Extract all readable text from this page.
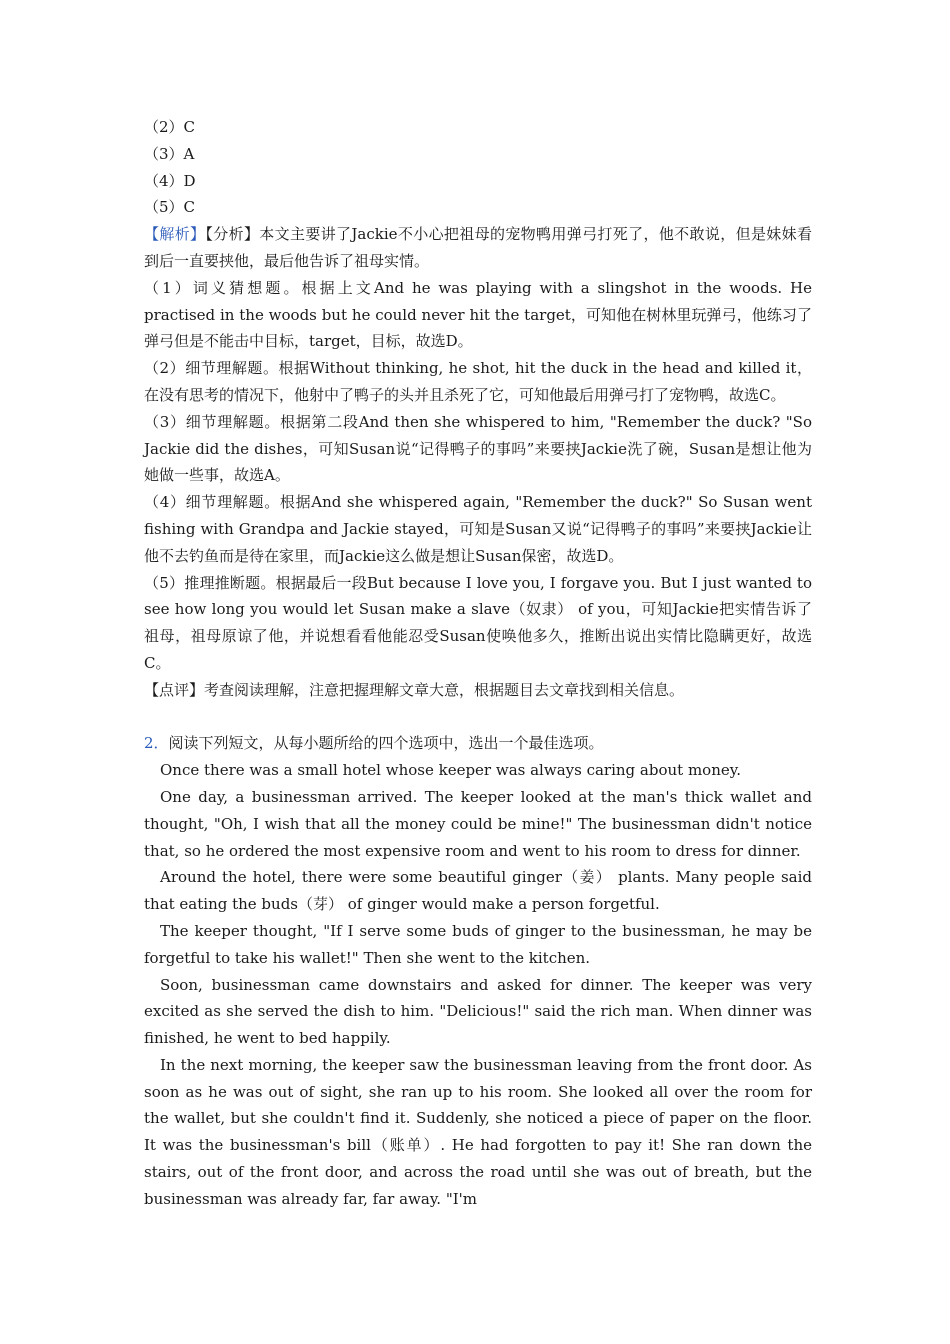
（2）C

（3）A

（4）D

（5）C

【解析】【分析】本文主要讲了Jackie不小心把祖母的宠物鸭用弹弓打死了，他不敢说，但是妹妹看到后一直要挟他，最后他告诉了祖母实情。

（1）词义猜想题。根据上文And he was playing with a slingshot in the woods. He practised in the woods but he could never hit the target，可知他在树林里玩弹弓，他练习了弹弓但是不能击中目标，target，目标，故选D。

（2）细节理解题。根据Without thinking, he shot, hit the duck in the head and killed it，在没有思考的情况下，他射中了鸭子的头并且杀死了它，可知他最后用弹弓打了宠物鸭，故选C。

（3）细节理解题。根据第二段And then she whispered to him, "Remember the duck? "So Jackie did the dishes，可知Susan说“记得鸭子的事吗”来要挟Jackie洗了碗，Susan是想让他为她做一些事，故选A。

（4）细节理解题。根据And she whispered again, "Remember the duck?" So Susan went fishing with Grandpa and Jackie stayed，可知是Susan又说“记得鸭子的事吗”来要挟Jackie让他不去钓鱼而是待在家里，而Jackie这么做是想让Susan保密，故选D。

（5）推理推断题。根据最后一段But because I love you, I forgave you. But I just wanted to see how long you would let Susan make a slave（奴隶） of you，可知Jackie把实情告诉了祖母，祖母原谅了他，并说想看看他能忍受Susan使唤他多久，推断出说出实情比隐瞒更好，故选C。

【点评】考查阅读理解，注意把握理解文章大意，根据题目去文章找到相关信息。

2．阅读下列短文，从每小题所给的四个选项中，选出一个最佳选项。

Once there was a small hotel whose keeper was always caring about money.

One day, a businessman arrived. The keeper looked at the man's thick wallet and thought, "Oh, I wish that all the money could be mine!" The businessman didn't notice that, so he ordered the most expensive room and went to his room to dress for dinner.

Around the hotel, there were some beautiful ginger（姜） plants. Many people said that eating the buds（芽） of ginger would make a person forgetful.

The keeper thought, "If I serve some buds of ginger to the businessman, he may be forgetful to take his wallet!" Then she went to the kitchen.

Soon, businessman came downstairs and asked for dinner. The keeper was very excited as she served the dish to him. "Delicious!" said the rich man. When dinner was finished, he went to bed happily.

In the next morning, the keeper saw the businessman leaving from the front door. As soon as he was out of sight, she ran up to his room. She looked all over the room for the wallet, but she couldn't find it. Suddenly, she noticed a piece of paper on the floor. It was the businessman's bill（账单）. He had forgotten to pay it! She ran down the stairs, out of the front door, and across the road until she was out of breath, but the businessman was already far, far away. "I'm
